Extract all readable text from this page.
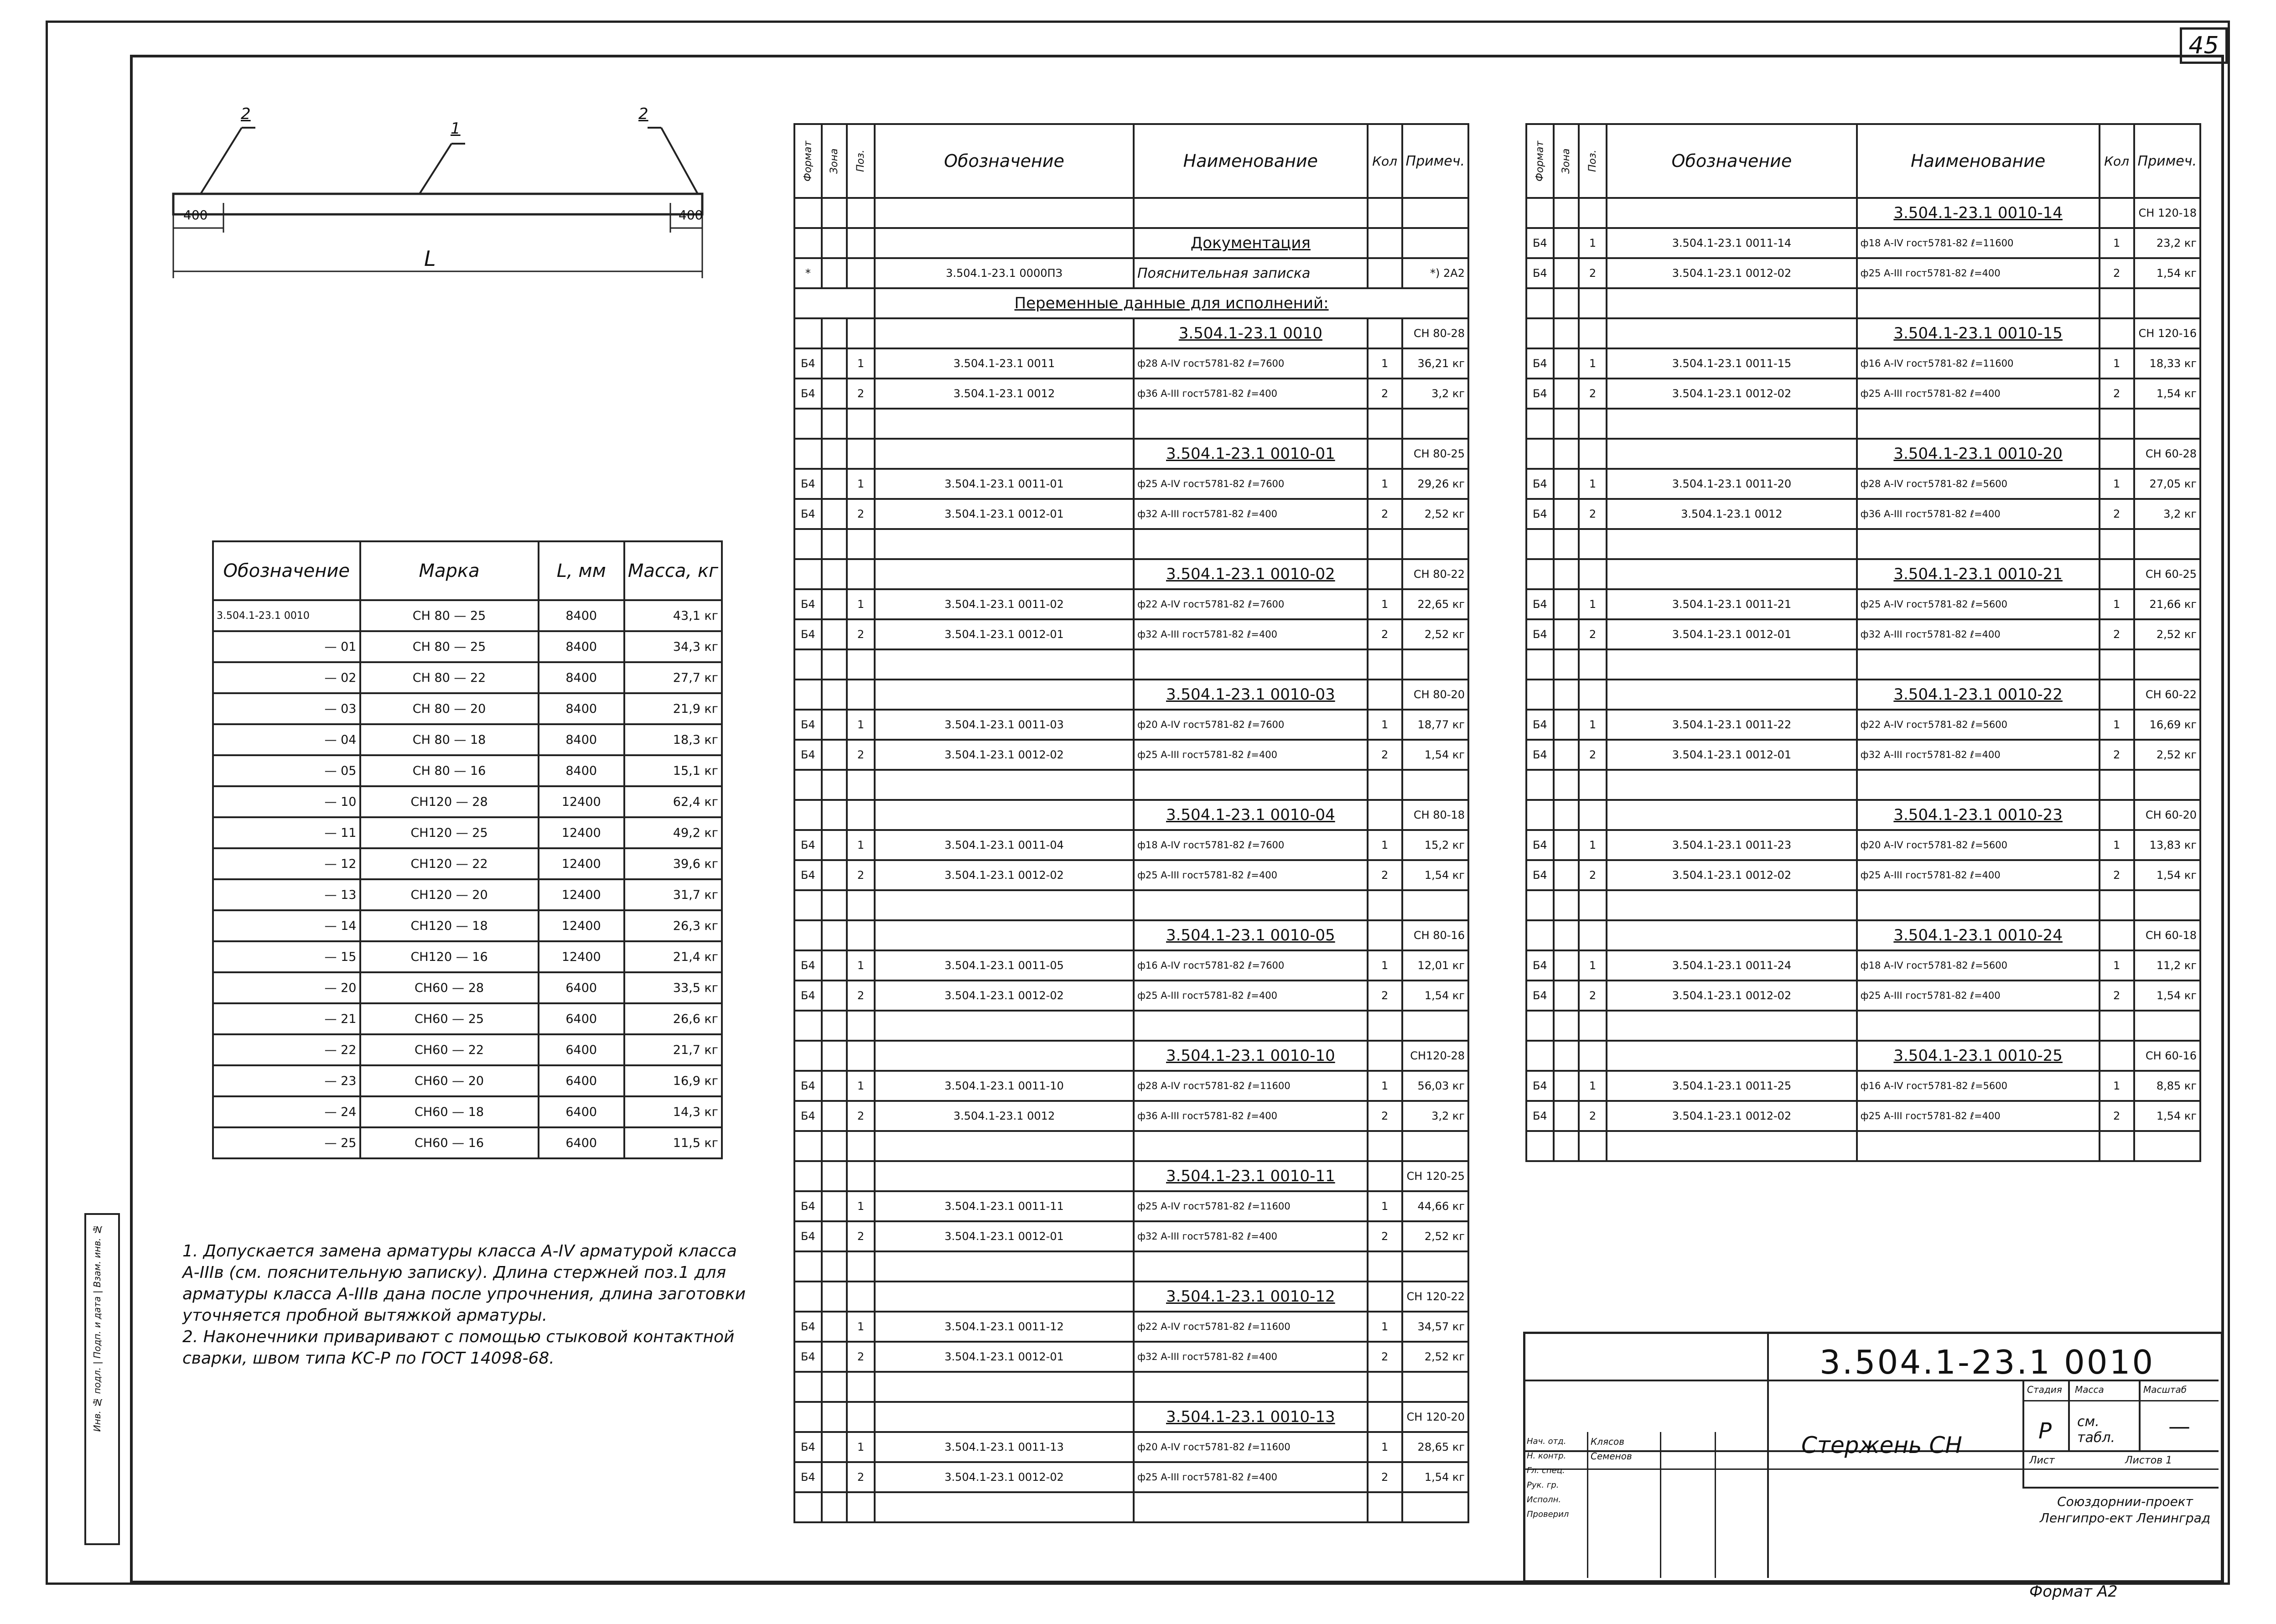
45
2
1
2
400	400
L
Обозначение	Марка	L, мм	Масса, кг
3.504.1-23.1 0010	СН 80 — 25	8400	43,1 кг
— 01	СН 80 — 25	8400	34,3 кг
— 02	СН 80 — 22	8400	27,7 кг
— 03	СН 80 — 20	8400	21,9 кг
— 04	СН 80 — 18	8400	18,3 кг
— 05	СН 80 — 16	8400	15,1 кг
— 10	СН120 — 28	12400	62,4 кг
— 11	СН120 — 25	12400	49,2 кг
— 12	СН120 — 22	12400	39,6 кг
— 13	СН120 — 20	12400	31,7 кг
— 14	СН120 — 18	12400	26,3 кг
— 15	СН120 — 16	12400	21,4 кг
— 20	СН60 — 28	6400	33,5 кг
— 21	СН60 — 25	6400	26,6 кг
— 22	СН60 — 22	6400	21,7 кг
— 23	СН60 — 20	6400	16,9 кг
— 24	СН60 — 18	6400	14,3 кг
— 25	СН60 — 16	6400	11,5 кг
Формат	Зона	Поз.	Обозначение	Наименование	Кол	Примеч.

				Документация		
*			3.504.1-23.1 0000ПЗ	Пояснительная записка		*) 2А2
			Переменные данные для исполнений:			
				3.504.1-23.1 0010		СН 80-28
Б4		1	3.504.1-23.1 0011	ф28 А-IV гост5781-82 ℓ=7600	1	36,21 кг
Б4		2	3.504.1-23.1 0012	ф36 А-III гост5781-82 ℓ=400	2	3,2 кг

				3.504.1-23.1 0010-01		СН 80-25
Б4		1	3.504.1-23.1 0011-01	ф25 А-IV гост5781-82 ℓ=7600	1	29,26 кг
Б4		2	3.504.1-23.1 0012-01	ф32 А-III гост5781-82 ℓ=400	2	2,52 кг

				3.504.1-23.1 0010-02		СН 80-22
Б4		1	3.504.1-23.1 0011-02	ф22 А-IV гост5781-82 ℓ=7600	1	22,65 кг
Б4		2	3.504.1-23.1 0012-01	ф32 А-III гост5781-82 ℓ=400	2	2,52 кг

				3.504.1-23.1 0010-03		СН 80-20
Б4		1	3.504.1-23.1 0011-03	ф20 А-IV гост5781-82 ℓ=7600	1	18,77 кг
Б4		2	3.504.1-23.1 0012-02	ф25 А-III гост5781-82 ℓ=400	2	1,54 кг

				3.504.1-23.1 0010-04		СН 80-18
Б4		1	3.504.1-23.1 0011-04	ф18 А-IV гост5781-82 ℓ=7600	1	15,2 кг
Б4		2	3.504.1-23.1 0012-02	ф25 А-III гост5781-82 ℓ=400	2	1,54 кг

				3.504.1-23.1 0010-05		СН 80-16
Б4		1	3.504.1-23.1 0011-05	ф16 А-IV гост5781-82 ℓ=7600	1	12,01 кг
Б4		2	3.504.1-23.1 0012-02	ф25 А-III гост5781-82 ℓ=400	2	1,54 кг

				3.504.1-23.1 0010-10		СН120-28
Б4		1	3.504.1-23.1 0011-10	ф28 А-IV гост5781-82 ℓ=11600	1	56,03 кг
Б4		2	3.504.1-23.1 0012	ф36 А-III гост5781-82 ℓ=400	2	3,2 кг

				3.504.1-23.1 0010-11		СН 120-25
Б4		1	3.504.1-23.1 0011-11	ф25 А-IV гост5781-82 ℓ=11600	1	44,66 кг
Б4		2	3.504.1-23.1 0012-01	ф32 А-III гост5781-82 ℓ=400	2	2,52 кг

				3.504.1-23.1 0010-12		СН 120-22
Б4		1	3.504.1-23.1 0011-12	ф22 А-IV гост5781-82 ℓ=11600	1	34,57 кг
Б4		2	3.504.1-23.1 0012-01	ф32 А-III гост5781-82 ℓ=400	2	2,52 кг

				3.504.1-23.1 0010-13		СН 120-20
Б4		1	3.504.1-23.1 0011-13	ф20 А-IV гост5781-82 ℓ=11600	1	28,65 кг
Б4		2	3.504.1-23.1 0012-02	ф25 А-III гост5781-82 ℓ=400	2	1,54 кг

Формат	Зона	Поз.	Обозначение	Наименование	Кол	Примеч.
				3.504.1-23.1 0010-14		СН 120-18
Б4		1	3.504.1-23.1 0011-14	ф18 А-IV гост5781-82 ℓ=11600	1	23,2 кг
Б4		2	3.504.1-23.1 0012-02	ф25 А-III гост5781-82 ℓ=400	2	1,54 кг

				3.504.1-23.1 0010-15		СН 120-16
Б4		1	3.504.1-23.1 0011-15	ф16 А-IV гост5781-82 ℓ=11600	1	18,33 кг
Б4		2	3.504.1-23.1 0012-02	ф25 А-III гост5781-82 ℓ=400	2	1,54 кг

				3.504.1-23.1 0010-20		СН 60-28
Б4		1	3.504.1-23.1 0011-20	ф28 А-IV гост5781-82 ℓ=5600	1	27,05 кг
Б4		2	3.504.1-23.1 0012	ф36 А-III гост5781-82 ℓ=400	2	3,2 кг

				3.504.1-23.1 0010-21		СН 60-25
Б4		1	3.504.1-23.1 0011-21	ф25 А-IV гост5781-82 ℓ=5600	1	21,66 кг
Б4		2	3.504.1-23.1 0012-01	ф32 А-III гост5781-82 ℓ=400	2	2,52 кг

				3.504.1-23.1 0010-22		СН 60-22
Б4		1	3.504.1-23.1 0011-22	ф22 А-IV гост5781-82 ℓ=5600	1	16,69 кг
Б4		2	3.504.1-23.1 0012-01	ф32 А-III гост5781-82 ℓ=400	2	2,52 кг

				3.504.1-23.1 0010-23		СН 60-20
Б4		1	3.504.1-23.1 0011-23	ф20 А-IV гост5781-82 ℓ=5600	1	13,83 кг
Б4		2	3.504.1-23.1 0012-02	ф25 А-III гост5781-82 ℓ=400	2	1,54 кг

				3.504.1-23.1 0010-24		СН 60-18
Б4		1	3.504.1-23.1 0011-24	ф18 А-IV гост5781-82 ℓ=5600	1	11,2 кг
Б4		2	3.504.1-23.1 0012-02	ф25 А-III гост5781-82 ℓ=400	2	1,54 кг

				3.504.1-23.1 0010-25		СН 60-16
Б4		1	3.504.1-23.1 0011-25	ф16 А-IV гост5781-82 ℓ=5600	1	8,85 кг
Б4		2	3.504.1-23.1 0012-02	ф25 А-III гост5781-82 ℓ=400	2	1,54 кг

1. Допускается замена арматуры класса А-IV арматурой класса А-IIIв (см. пояснительную записку). Длина стержней поз.1 для арматуры класса А-IIIв дана после упрочнения, длина заготовки уточняется пробной вытяжкой арматуры.

2. Наконечники приваривают с помощью стыковой контактной сварки, швом типа КС-Р по ГОСТ 14098-68.

Инв. № подл. | Подп. и дата | Взам. инв. №	3.504.1-23.1 0010
Стержень СН
Стадия Масса	Масштаб
Р см. табл.	—
Лист	Листов 1
Союздорнии-проект Ленгипро-ект Ленинград
Нач. отд.
Н. контр.
Гл. спец.
Рук. гр.
Исполн.
Проверил
Клясов
Семенов
Формат А2
